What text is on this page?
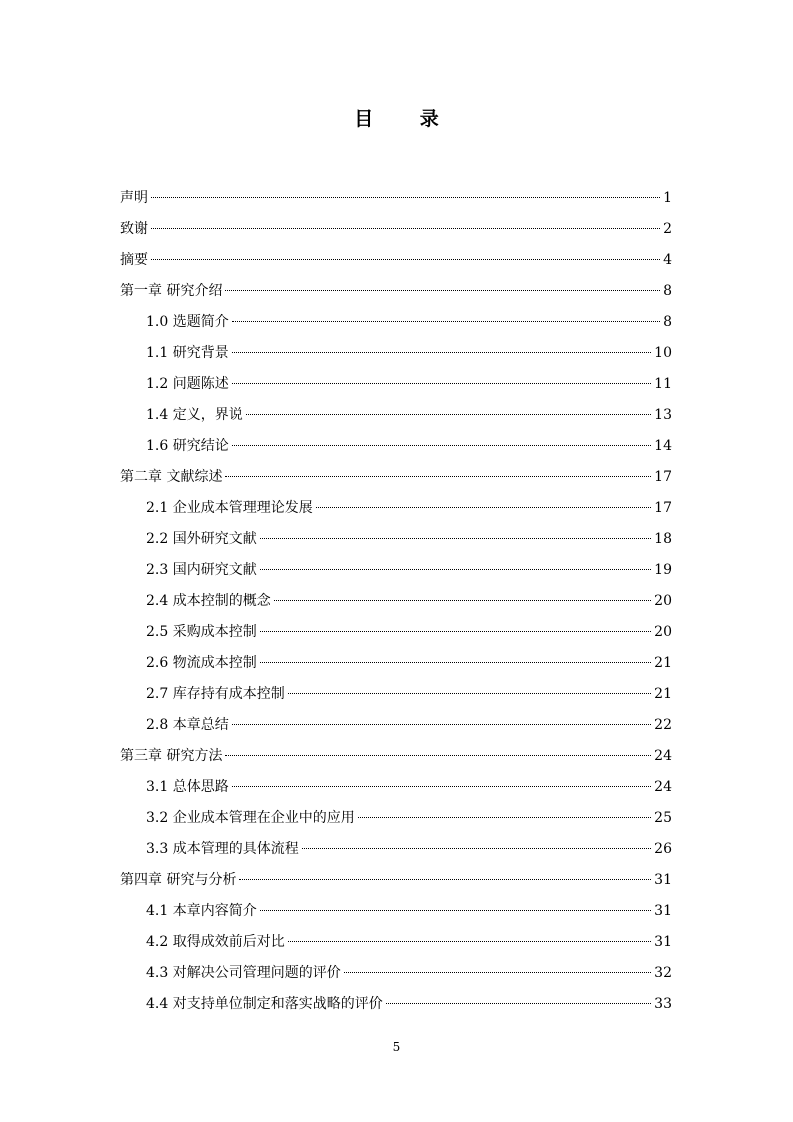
目 录
声明	1
致谢	2
摘要	4
第一章 研究介绍	8
1.0 选题简介	8
1.1 研究背景	10
1.2 问题陈述	11
1.4 定义，界说	13
1.6 研究结论	14
第二章 文献综述	17
2.1 企业成本管理理论发展	17
2.2 国外研究文献	18
2.3 国内研究文献	19
2.4 成本控制的概念	20
2.5 采购成本控制	20
2.6 物流成本控制	21
2.7 库存持有成本控制	21
2.8 本章总结	22
第三章 研究方法	24
3.1 总体思路	24
3.2 企业成本管理在企业中的应用	25
3.3 成本管理的具体流程	26
第四章 研究与分析	31
4.1 本章内容简介	31
4.2 取得成效前后对比	31
4.3 对解决公司管理问题的评价	32
4.4 对支持单位制定和落实战略的评价	33
5
